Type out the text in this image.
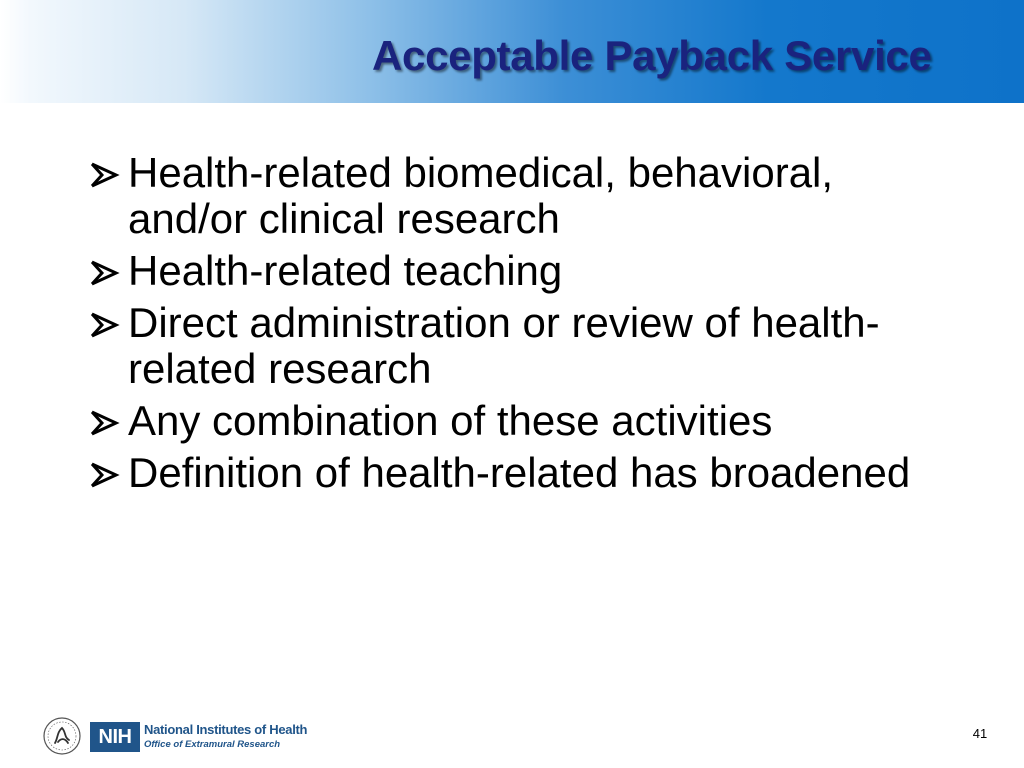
Acceptable Payback Service
Health-related biomedical, behavioral, and/or clinical research
Health-related teaching
Direct administration or review of health-related research
Any combination of these activities
Definition of health-related has broadened
NIH National Institutes of Health
Office of Extramural Research
41
